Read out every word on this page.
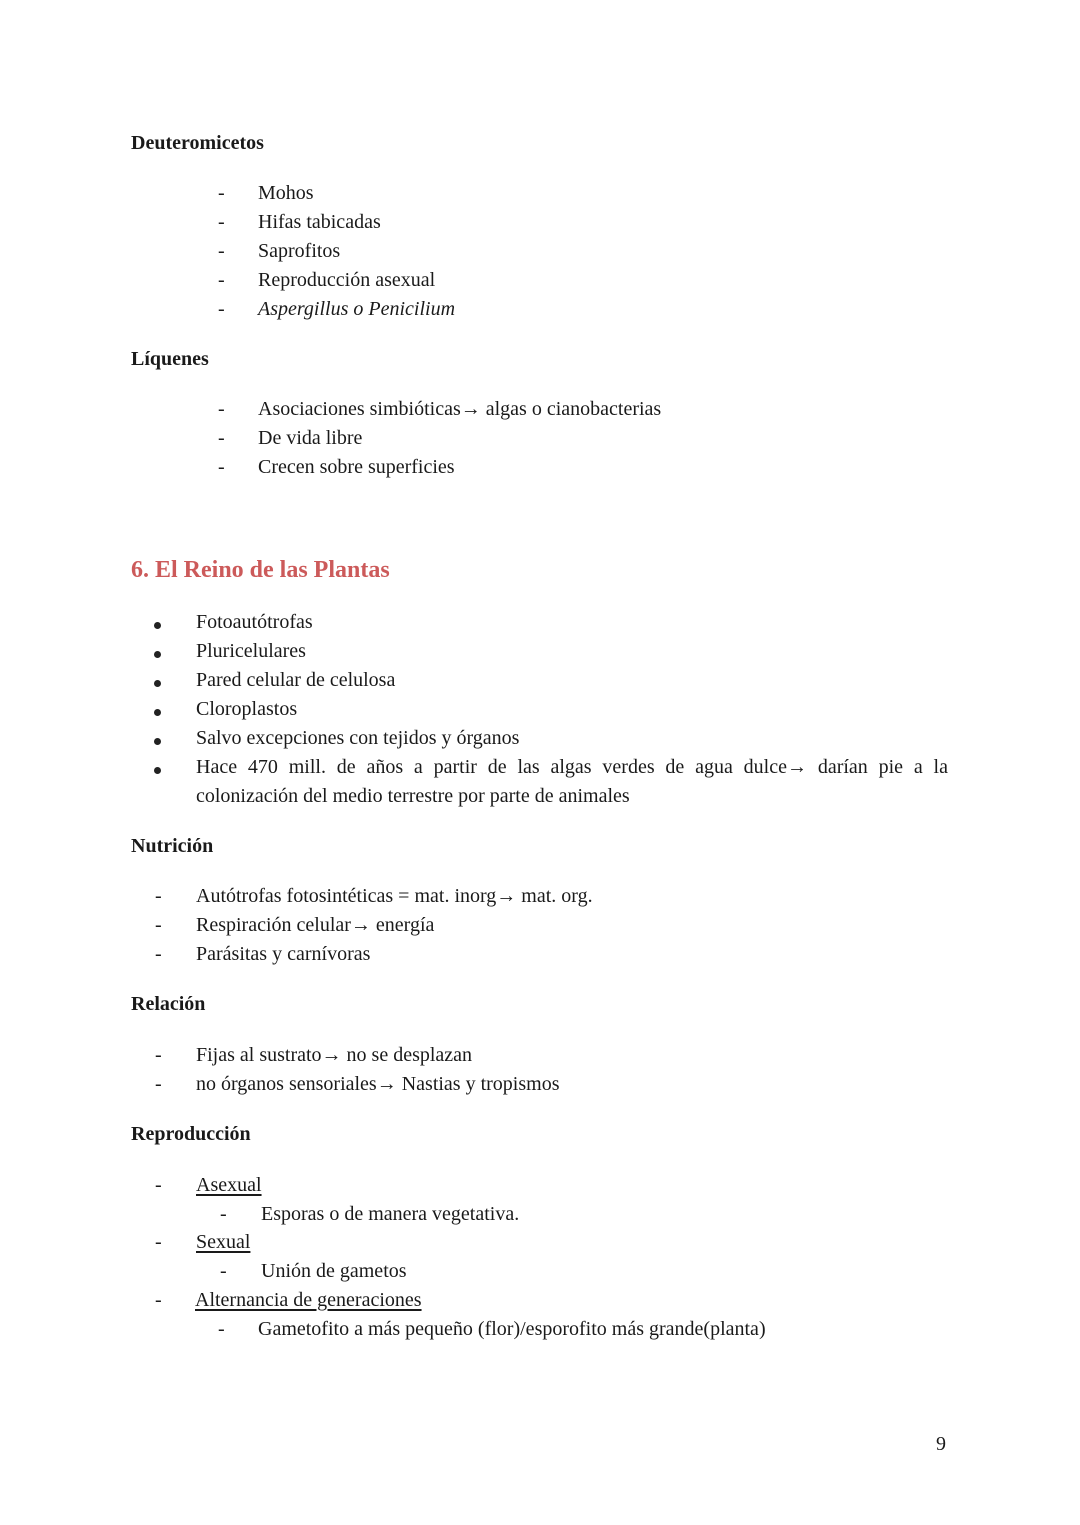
Deuteromicetos
- Mohos
- Hifas tabicadas
- Saprofitos
- Reproducción asexual
- Aspergillus o Penicilium
Líquenes
- Asociaciones simbióticas→ algas o cianobacterias
- De vida libre
- Crecen sobre superficies
6. El Reino de las Plantas
Fotoautótrofas
Pluricelulares
Pared celular de celulosa
Cloroplastos
Salvo excepciones con tejidos y órganos
Hace 470 mill. de años a partir de las algas verdes de agua dulce→ darían pie a la colonización del medio terrestre por parte de animales
Nutrición
- Autótrofas fotosintéticas = mat. inorg→ mat. org.
- Respiración celular→ energía
- Parásitas y carnívoras
Relación
- Fijas al sustrato→ no se desplazan
- no órganos sensoriales→ Nastias y tropismos
Reproducción
- Asexual
- Esporas o de manera vegetativa.
- Sexual
- Unión de gametos
- Alternancia de generaciones
- Gametofito a más pequeño (flor)/esporofito más grande(planta)
9
